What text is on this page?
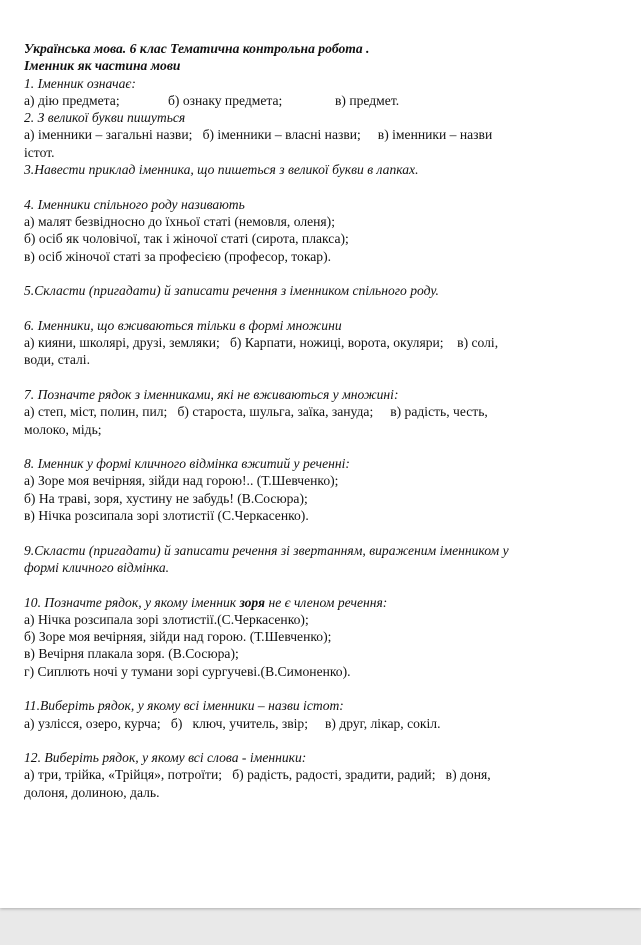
Українська мова. 6 клас Тематична контрольна робота .
Іменник як частина мови
1. Іменник означає:
а) дію предмета;	б) ознаку предмета;	в) предмет.
2. З великої букви пишуться
а) іменники – загальні назви;   б) іменники – власні назви;     в) іменники – назви
істот.
3.Навести приклад іменника, що пишеться з великої букви в лапках.
4. Іменники спільного роду називають
а) малят безвідносно до їхньої статі (немовля, оленя);
б) осіб як чоловічої, так і жіночої статі (сирота, плакса);
в) осіб жіночої статі за професією (професор, токар).
5.Скласти (пригадати) й записати речення з іменником спільного роду.
6. Іменники, що вживаються тільки в формі множини
а) кияни, школярі, друзі, земляки;   б) Карпати, ножиці, ворота, окуляри;    в) солі,
води, сталі.
7. Позначте рядок з іменниками, які не вживаються у множині:
а) степ, міст, полин, пил;   б) староста, шульга, заїка, зануда;     в) радість, честь,
молоко, мідь;
8. Іменник у формі кличного відмінка вжитий у реченні:
а) Зоре моя вечірняя, зійди над горою!.. (Т.Шевченко);
б) На траві, зоря, хустину не забудь! (В.Сосюра);
в) Нічка розсипала зорі злотистії (С.Черкасенко).
9.Скласти (пригадати) й записати речення зі звертанням, вираженим іменником у
формі кличного відмінка.
10. Позначте рядок, у якому іменник зоря не є членом речення:
а) Нічка розсипала зорі злотистії.(С.Черкасенко);
б) Зоре моя вечірняя, зійди над горою. (Т.Шевченко);
в) Вечірня плакала зоря. (В.Сосюра);
г) Сиплють ночі у тумани зорі сургучеві.(В.Симоненко).
11.Виберіть рядок, у якому всі іменники – назви істот:
а) узлісся, озеро, курча;   б)   ключ, учитель, звір;     в) друг, лікар, сокіл.
12. Виберіть рядок, у якому всі слова - іменники:
а) три, трійка, «Трійця», потроїти;   б) радість, радості, зрадити, радий;   в) доня,
долоня, долиною, даль.
